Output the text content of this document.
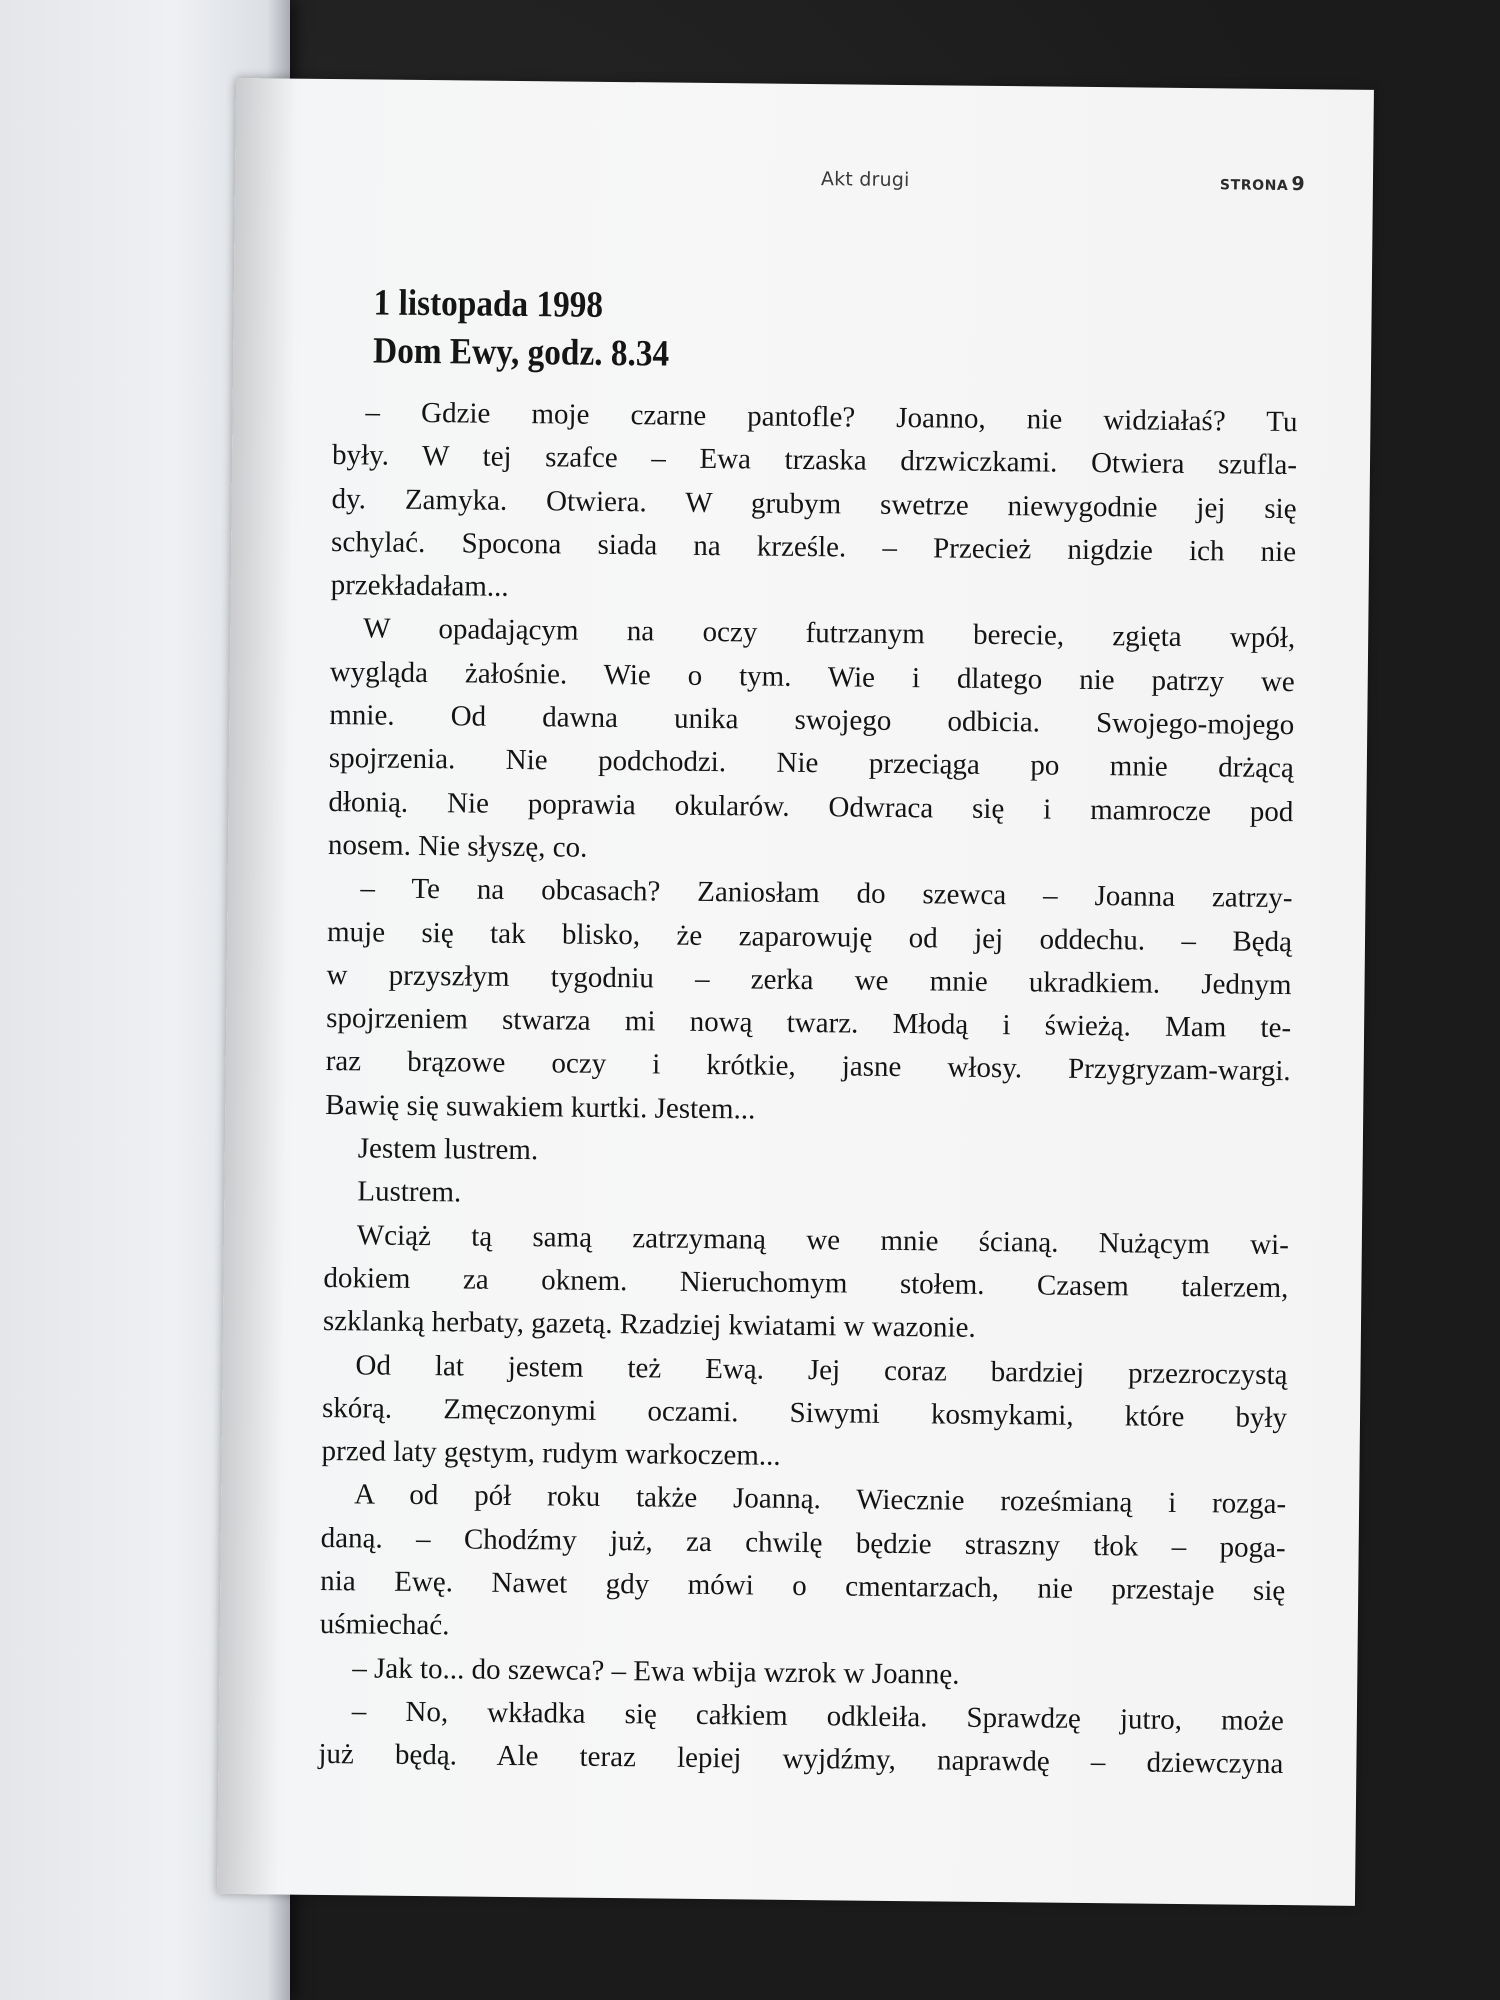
Akt drugi	STRONA 9
1 listopada 1998
Dom Ewy, godz. 8.34
– Gdzie moje czarne pantofle? Joanno, nie widziałaś? Tu
były. W tej szafce – Ewa trzaska drzwiczkami. Otwiera szufla-
dy. Zamyka. Otwiera. W grubym swetrze niewygodnie jej się
schylać. Spocona siada na krześle. – Przecież nigdzie ich nie
przekładałam...
W opadającym na oczy futrzanym berecie, zgięta wpół,
wygląda żałośnie. Wie o tym. Wie i dlatego nie patrzy we
mnie. Od dawna unika swojego odbicia. Swojego-mojego
spojrzenia. Nie podchodzi. Nie przeciąga po mnie drżącą
dłonią. Nie poprawia okularów. Odwraca się i mamrocze pod
nosem. Nie słyszę, co.
– Te na obcasach? Zaniosłam do szewca – Joanna zatrzy-
muje się tak blisko, że zaparowuję od jej oddechu. – Będą
w przyszłym tygodniu – zerka we mnie ukradkiem. Jednym
spojrzeniem stwarza mi nową twarz. Młodą i świeżą. Mam te-
raz brązowe oczy i krótkie, jasne włosy. Przygryzam-wargi.
Bawię się suwakiem kurtki. Jestem...
Jestem lustrem.
Lustrem.
Wciąż tą samą zatrzymaną we mnie ścianą. Nużącym wi-
dokiem za oknem. Nieruchomym stołem. Czasem talerzem,
szklanką herbaty, gazetą. Rzadziej kwiatami w wazonie.
Od lat jestem też Ewą. Jej coraz bardziej przezroczystą
skórą. Zmęczonymi oczami. Siwymi kosmykami, które były
przed laty gęstym, rudym warkoczem...
A od pół roku także Joanną. Wiecznie roześmianą i rozga-
daną. – Chodźmy już, za chwilę będzie straszny tłok – poga-
nia Ewę. Nawet gdy mówi o cmentarzach, nie przestaje się
uśmiechać.
– Jak to... do szewca? – Ewa wbija wzrok w Joannę.
– No, wkładka się całkiem odkleiła. Sprawdzę jutro, może
już będą. Ale teraz lepiej wyjdźmy, naprawdę – dziewczyna
